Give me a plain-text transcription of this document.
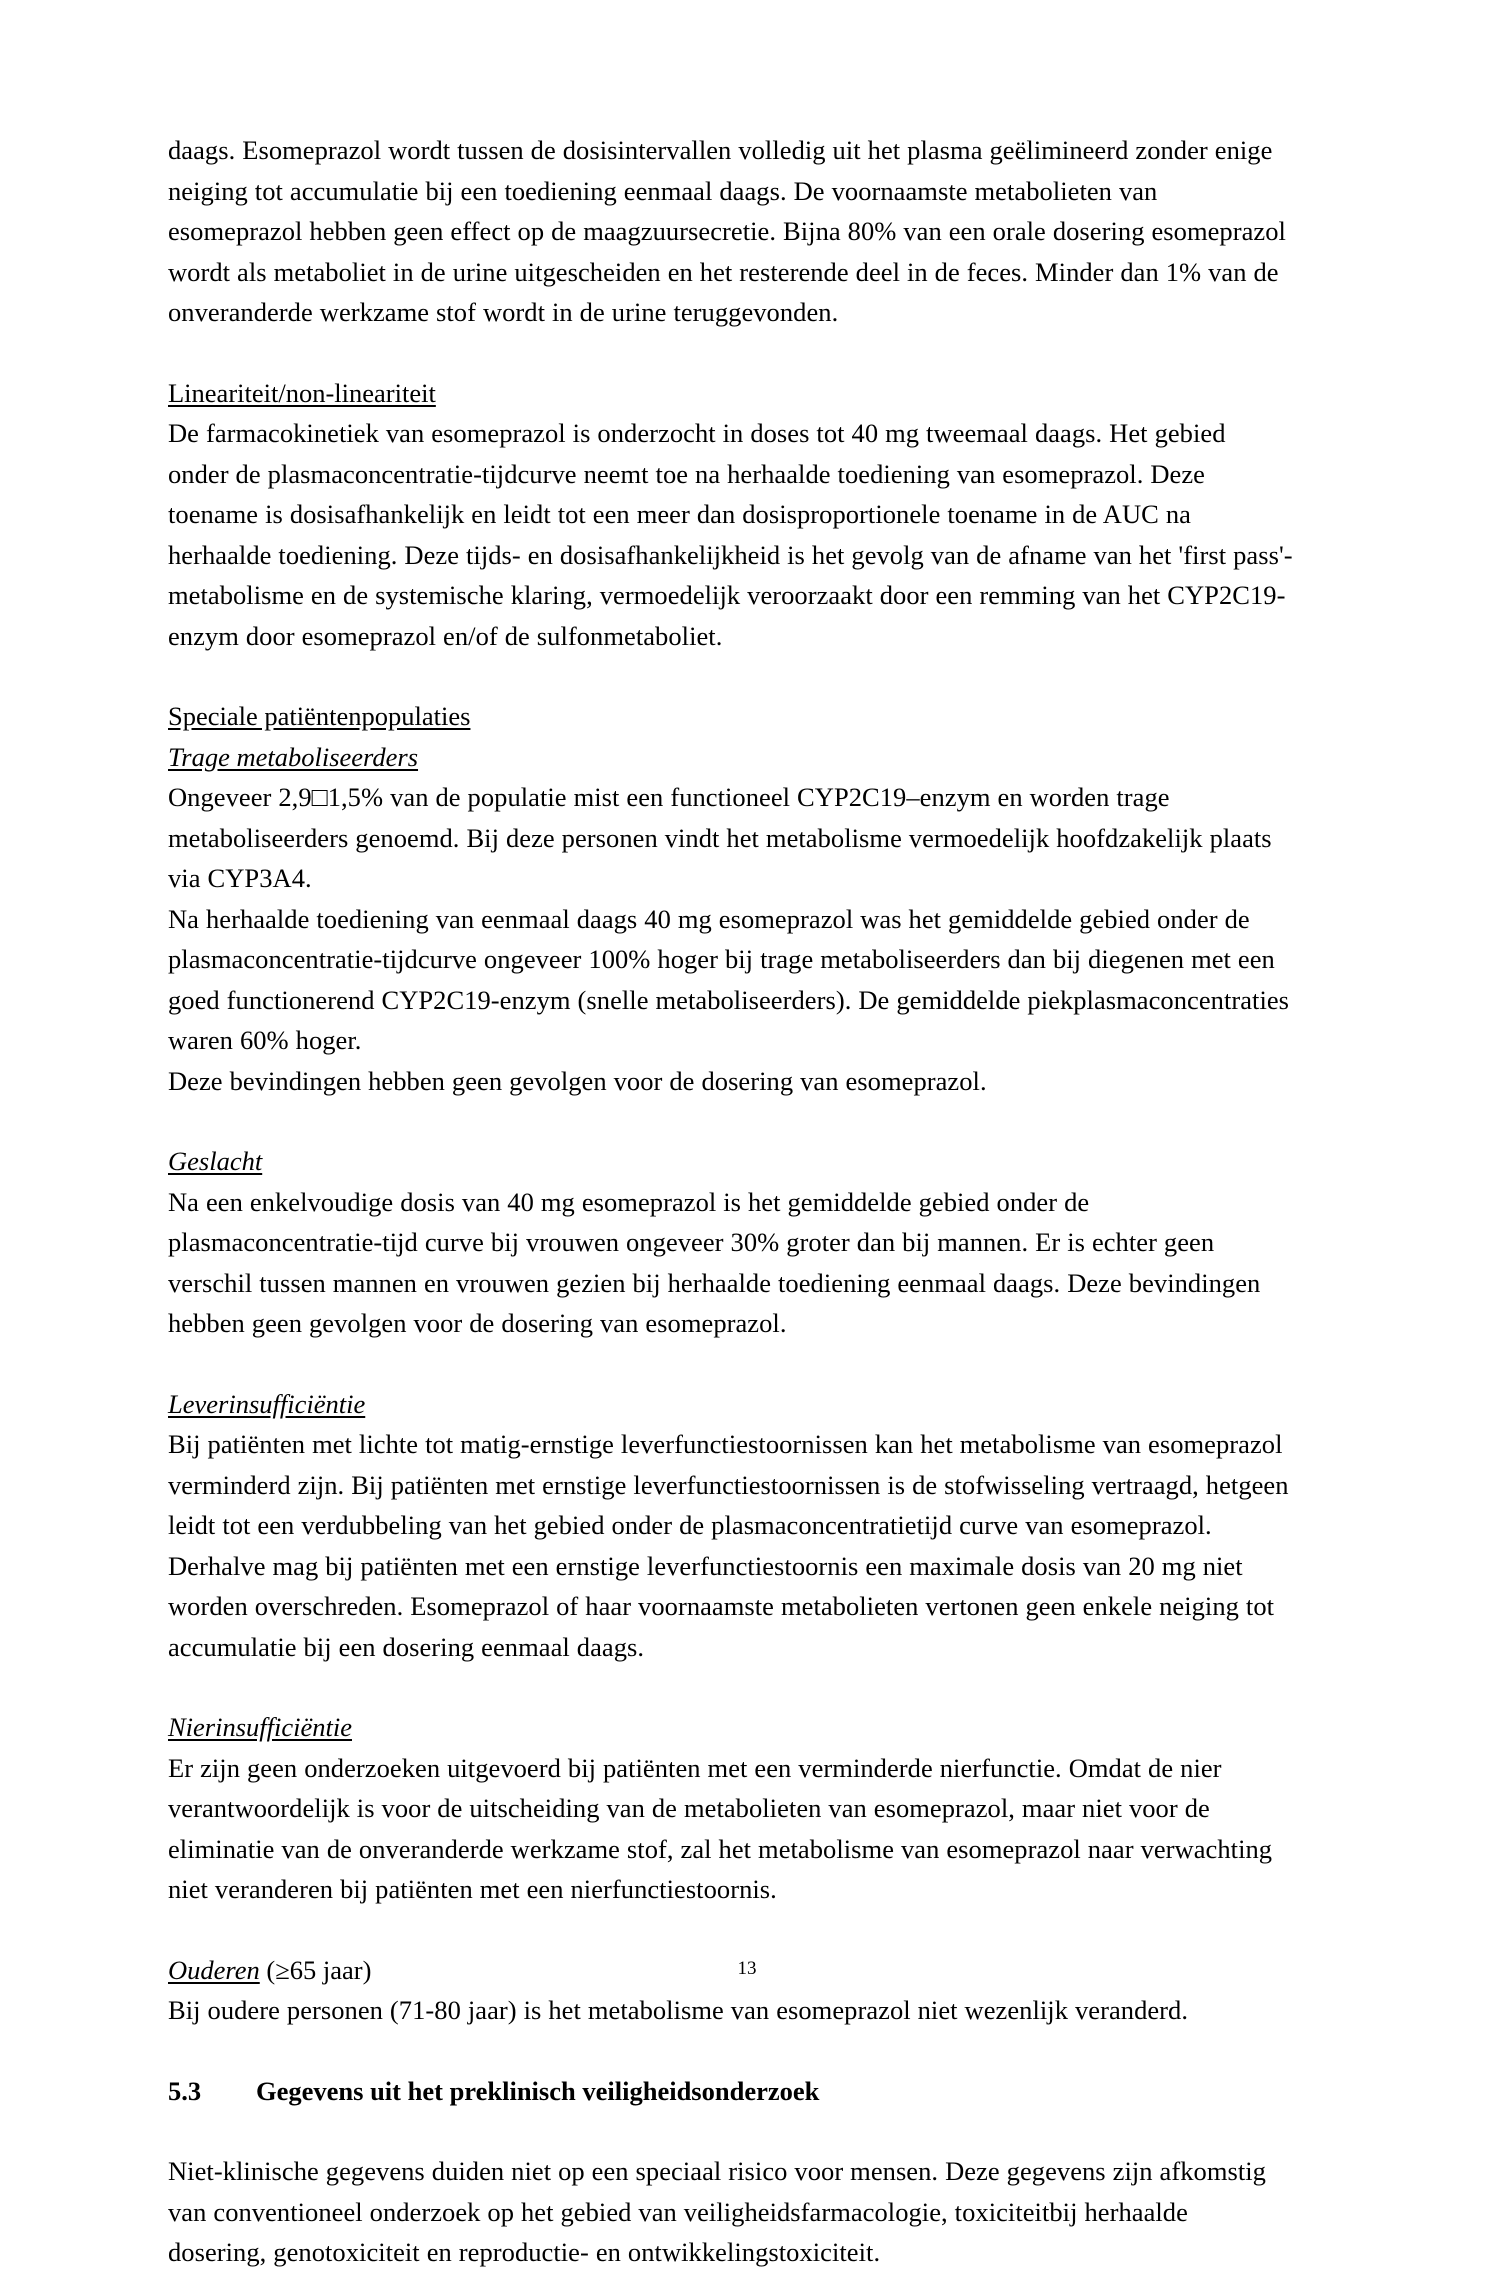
daags. Esomeprazol wordt tussen de dosisintervallen volledig uit het plasma geëlimineerd zonder enige neiging tot accumulatie bij een toediening eenmaal daags. De voornaamste metabolieten van esomeprazol hebben geen effect op de maagzuursecretie. Bijna 80% van een orale dosering esomeprazol wordt als metaboliet in de urine uitgescheiden en het resterende deel in de feces. Minder dan 1% van de onveranderde werkzame stof wordt in de urine teruggevonden.

Lineariteit/non-lineariteit

De farmacokinetiek van esomeprazol is onderzocht in doses tot 40 mg tweemaal daags. Het gebied onder de plasmaconcentratie-tijdcurve neemt toe na herhaalde toediening van esomeprazol. Deze toename is dosisafhankelijk en leidt tot een meer dan dosisproportionele toename in de AUC na herhaalde toediening. Deze tijds- en dosisafhankelijkheid is het gevolg van de afname van het 'first pass'-metabolisme en de systemische klaring, vermoedelijk veroorzaakt door een remming van het CYP2C19-enzym door esomeprazol en/of de sulfonmetaboliet.

Speciale patiëntenpopulaties
Trage metaboliseerders

Ongeveer 2,9□1,5% van de populatie mist een functioneel CYP2C19–enzym en worden trage metaboliseerders genoemd. Bij deze personen vindt het metabolisme vermoedelijk hoofdzakelijk plaats via CYP3A4.

Na herhaalde toediening van eenmaal daags 40 mg esomeprazol was het gemiddelde gebied onder de plasmaconcentratie-tijdcurve ongeveer 100% hoger bij trage metaboliseerders dan bij diegenen met een goed functionerend CYP2C19-enzym (snelle metaboliseerders). De gemiddelde piekplasmaconcentraties waren 60% hoger.

Deze bevindingen hebben geen gevolgen voor de dosering van esomeprazol.

Geslacht

Na een enkelvoudige dosis van 40 mg esomeprazol is het gemiddelde gebied onder de plasmaconcentratie-tijd curve bij vrouwen ongeveer 30% groter dan bij mannen. Er is echter geen verschil tussen mannen en vrouwen gezien bij herhaalde toediening eenmaal daags. Deze bevindingen hebben geen gevolgen voor de dosering van esomeprazol.

Leverinsufficiëntie

Bij patiënten met lichte tot matig-ernstige leverfunctiestoornissen kan het metabolisme van esomeprazol verminderd zijn. Bij patiënten met ernstige leverfunctiestoornissen is de stofwisseling vertraagd, hetgeen leidt tot een verdubbeling van het gebied onder de plasmaconcentratietijd curve van esomeprazol. Derhalve mag bij patiënten met een ernstige leverfunctiestoornis een maximale dosis van 20 mg niet worden overschreden. Esomeprazol of haar voornaamste metabolieten vertonen geen enkele neiging tot accumulatie bij een dosering eenmaal daags.

Nierinsufficiëntie

Er zijn geen onderzoeken uitgevoerd bij patiënten met een verminderde nierfunctie. Omdat de nier verantwoordelijk is voor de uitscheiding van de metabolieten van esomeprazol, maar niet voor de eliminatie van de onveranderde werkzame stof, zal het metabolisme van esomeprazol naar verwachting niet veranderen bij patiënten met een nierfunctiestoornis.

Ouderen (≥65 jaar)

Bij oudere personen (71-80 jaar) is het metabolisme van esomeprazol niet wezenlijk veranderd.

5.3	Gegevens uit het preklinisch veiligheidsonderzoek

Niet-klinische gegevens duiden niet op een speciaal risico voor mensen. Deze gegevens zijn afkomstig van conventioneel onderzoek op het gebied van veiligheidsfarmacologie, toxiciteitbij herhaalde dosering, genotoxiciteit en reproductie- en ontwikkelingstoxiciteit.

13
